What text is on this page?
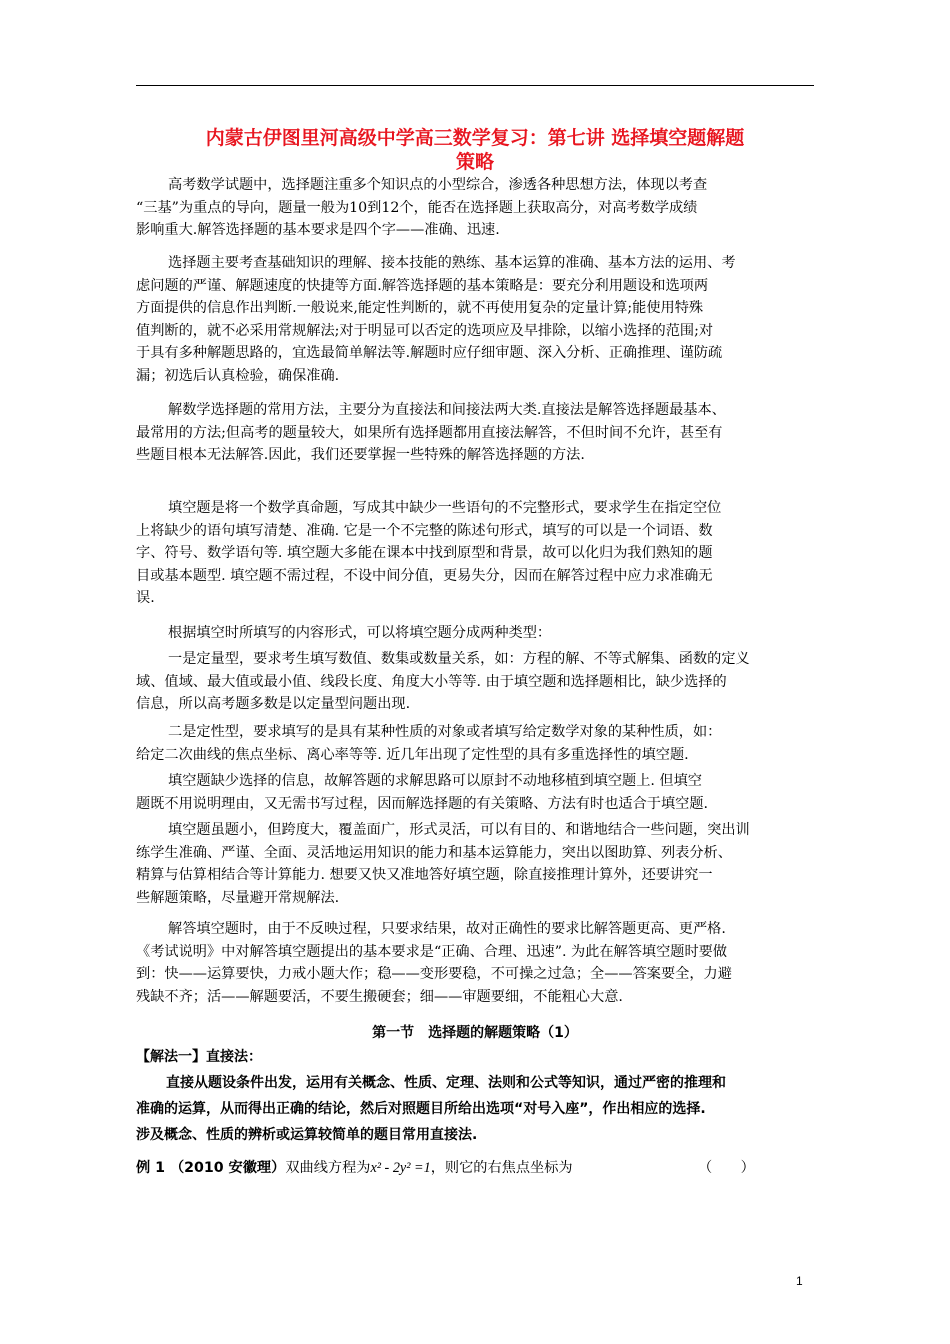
内蒙古伊图里河高级中学高三数学复习：第七讲 选择填空题解题
策略
高考数学试题中，选择题注重多个知识点的小型综合，渗透各种思想方法，体现以考查
“三基”为重点的导向，题量一般为10到12个，能否在选择题上获取高分，对高考数学成绩
影响重大.解答选择题的基本要求是四个字——准确、迅速.
选择题主要考查基础知识的理解、接本技能的熟练、基本运算的准确、基本方法的运用、考
虑问题的严谨、解题速度的快捷等方面.解答选择题的基本策略是：要充分利用题设和选项两
方面提供的信息作出判断.一般说来,能定性判断的，就不再使用复杂的定量计算;能使用特殊
值判断的，就不必采用常规解法;对于明显可以否定的选项应及早排除，以缩小选择的范围;对
于具有多种解题思路的，宜选最简单解法等.解题时应仔细审题、深入分析、正确推理、谨防疏
漏；初选后认真检验，确保准确.
解数学选择题的常用方法，主要分为直接法和间接法两大类.直接法是解答选择题最基本、
最常用的方法;但高考的题量较大，如果所有选择题都用直接法解答，不但时间不允许，甚至有
些题目根本无法解答.因此，我们还要掌握一些特殊的解答选择题的方法.
填空题是将一个数学真命题，写成其中缺少一些语句的不完整形式，要求学生在指定空位
上将缺少的语句填写清楚、准确. 它是一个不完整的陈述句形式，填写的可以是一个词语、数
字、符号、数学语句等. 填空题大多能在课本中找到原型和背景，故可以化归为我们熟知的题
目或基本题型. 填空题不需过程，不设中间分值，更易失分，因而在解答过程中应力求准确无
误.
根据填空时所填写的内容形式，可以将填空题分成两种类型：
一是定量型，要求考生填写数值、数集或数量关系，如：方程的解、不等式解集、函数的定义
域、值域、最大值或最小值、线段长度、角度大小等等. 由于填空题和选择题相比，缺少选择的
信息，所以高考题多数是以定量型问题出现.
二是定性型，要求填写的是具有某种性质的对象或者填写给定数学对象的某种性质，如：
给定二次曲线的焦点坐标、离心率等等. 近几年出现了定性型的具有多重选择性的填空题.
填空题缺少选择的信息，故解答题的求解思路可以原封不动地移植到填空题上. 但填空
题既不用说明理由，又无需书写过程，因而解选择题的有关策略、方法有时也适合于填空题.
填空题虽题小，但跨度大，覆盖面广，形式灵活，可以有目的、和谐地结合一些问题，突出训
练学生准确、严谨、全面、灵活地运用知识的能力和基本运算能力，突出以图助算、列表分析、
精算与估算相结合等计算能力. 想要又快又准地答好填空题，除直接推理计算外，还要讲究一
些解题策略，尽量避开常规解法.
解答填空题时，由于不反映过程，只要求结果，故对正确性的要求比解答题更高、更严格.
《考试说明》中对解答填空题提出的基本要求是“正确、合理、迅速”. 为此在解答填空题时要做
到：快——运算要快，力戒小题大作；稳——变形要稳，不可操之过急；全——答案要全，力避
残缺不齐；活——解题要活，不要生搬硬套；细——审题要细，不能粗心大意.
第一节　选择题的解题策略（1）
【解法一】直接法：
直接从题设条件出发，运用有关概念、性质、定理、法则和公式等知识，通过严密的推理和
准确的运算，从而得出正确的结论，然后对照题目所给出选项“对号入座”，作出相应的选择.
涉及概念、性质的辨析或运算较简单的题目常用直接法.
例 1 （2010 安徽理）双曲线方程为x² - 2y² =1，则它的右焦点坐标为	（　　）
1
